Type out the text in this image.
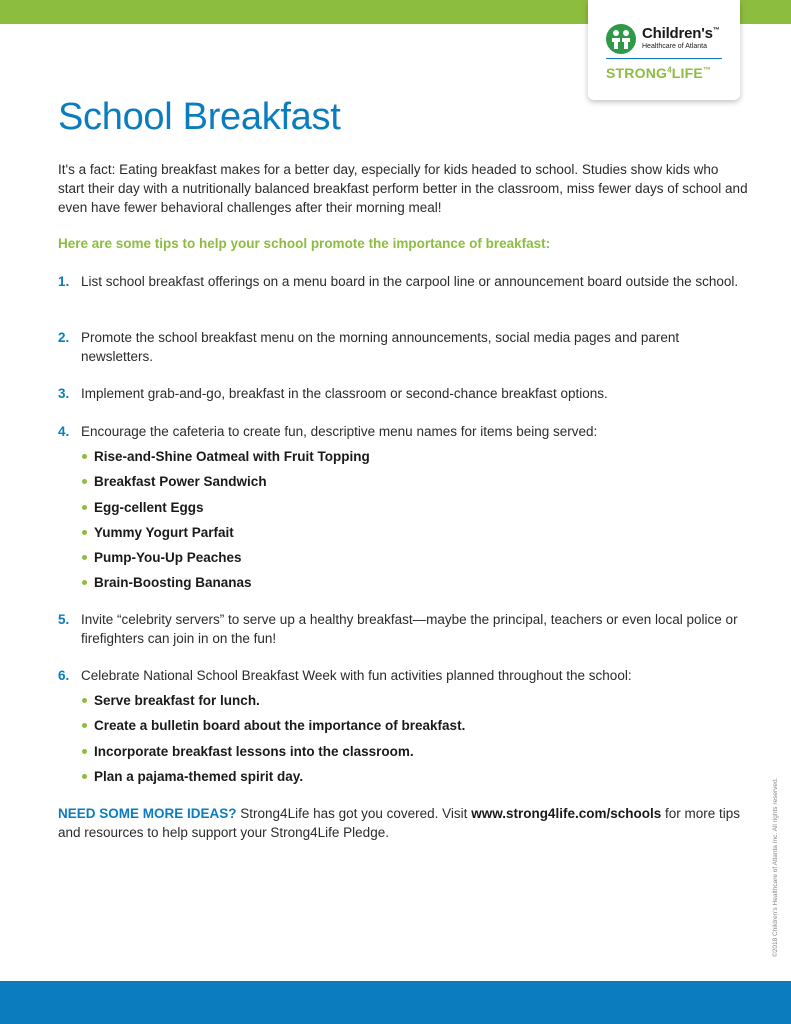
Children's™
Healthcare of Atlanta
STRONG$^4$LIFE™
School Breakfast

It's a fact: Eating breakfast makes for a better day, especially for kids headed to school. Studies show kids who start their day with a nutritionally balanced breakfast perform better in the classroom, miss fewer days of school and even have fewer behavioral challenges after their morning meal!

Here are some tips to help your school promote the importance of breakfast:

1. List school breakfast offerings on a menu board in the carpool line or announcement board outside the school.
2. Promote the school breakfast menu on the morning announcements, social media pages and parent newsletters.
3. Implement grab-and-go, breakfast in the classroom or second-chance breakfast options.
4. Encourage the cafeteria to create fun, descriptive menu names for items being served:
Rise-and-Shine Oatmeal with Fruit Topping
Breakfast Power Sandwich
Egg-cellent Eggs
Yummy Yogurt Parfait
Pump-You-Up Peaches
Brain-Boosting Bananas
5. Invite “celebrity servers” to serve up a healthy breakfast—maybe the principal, teachers or even local police or firefighters can join in on the fun!
6. Celebrate National School Breakfast Week with fun activities planned throughout the school:
Serve breakfast for lunch.
Create a bulletin board about the importance of breakfast.
Incorporate breakfast lessons into the classroom.
Plan a pajama-themed spirit day.

NEED SOME MORE IDEAS? Strong4Life has got you covered. Visit www.strong4life.com/schools for more tips and resources to help support your Strong4Life Pledge.	©2018 Children's Healthcare of Atlanta Inc. All rights reserved.
